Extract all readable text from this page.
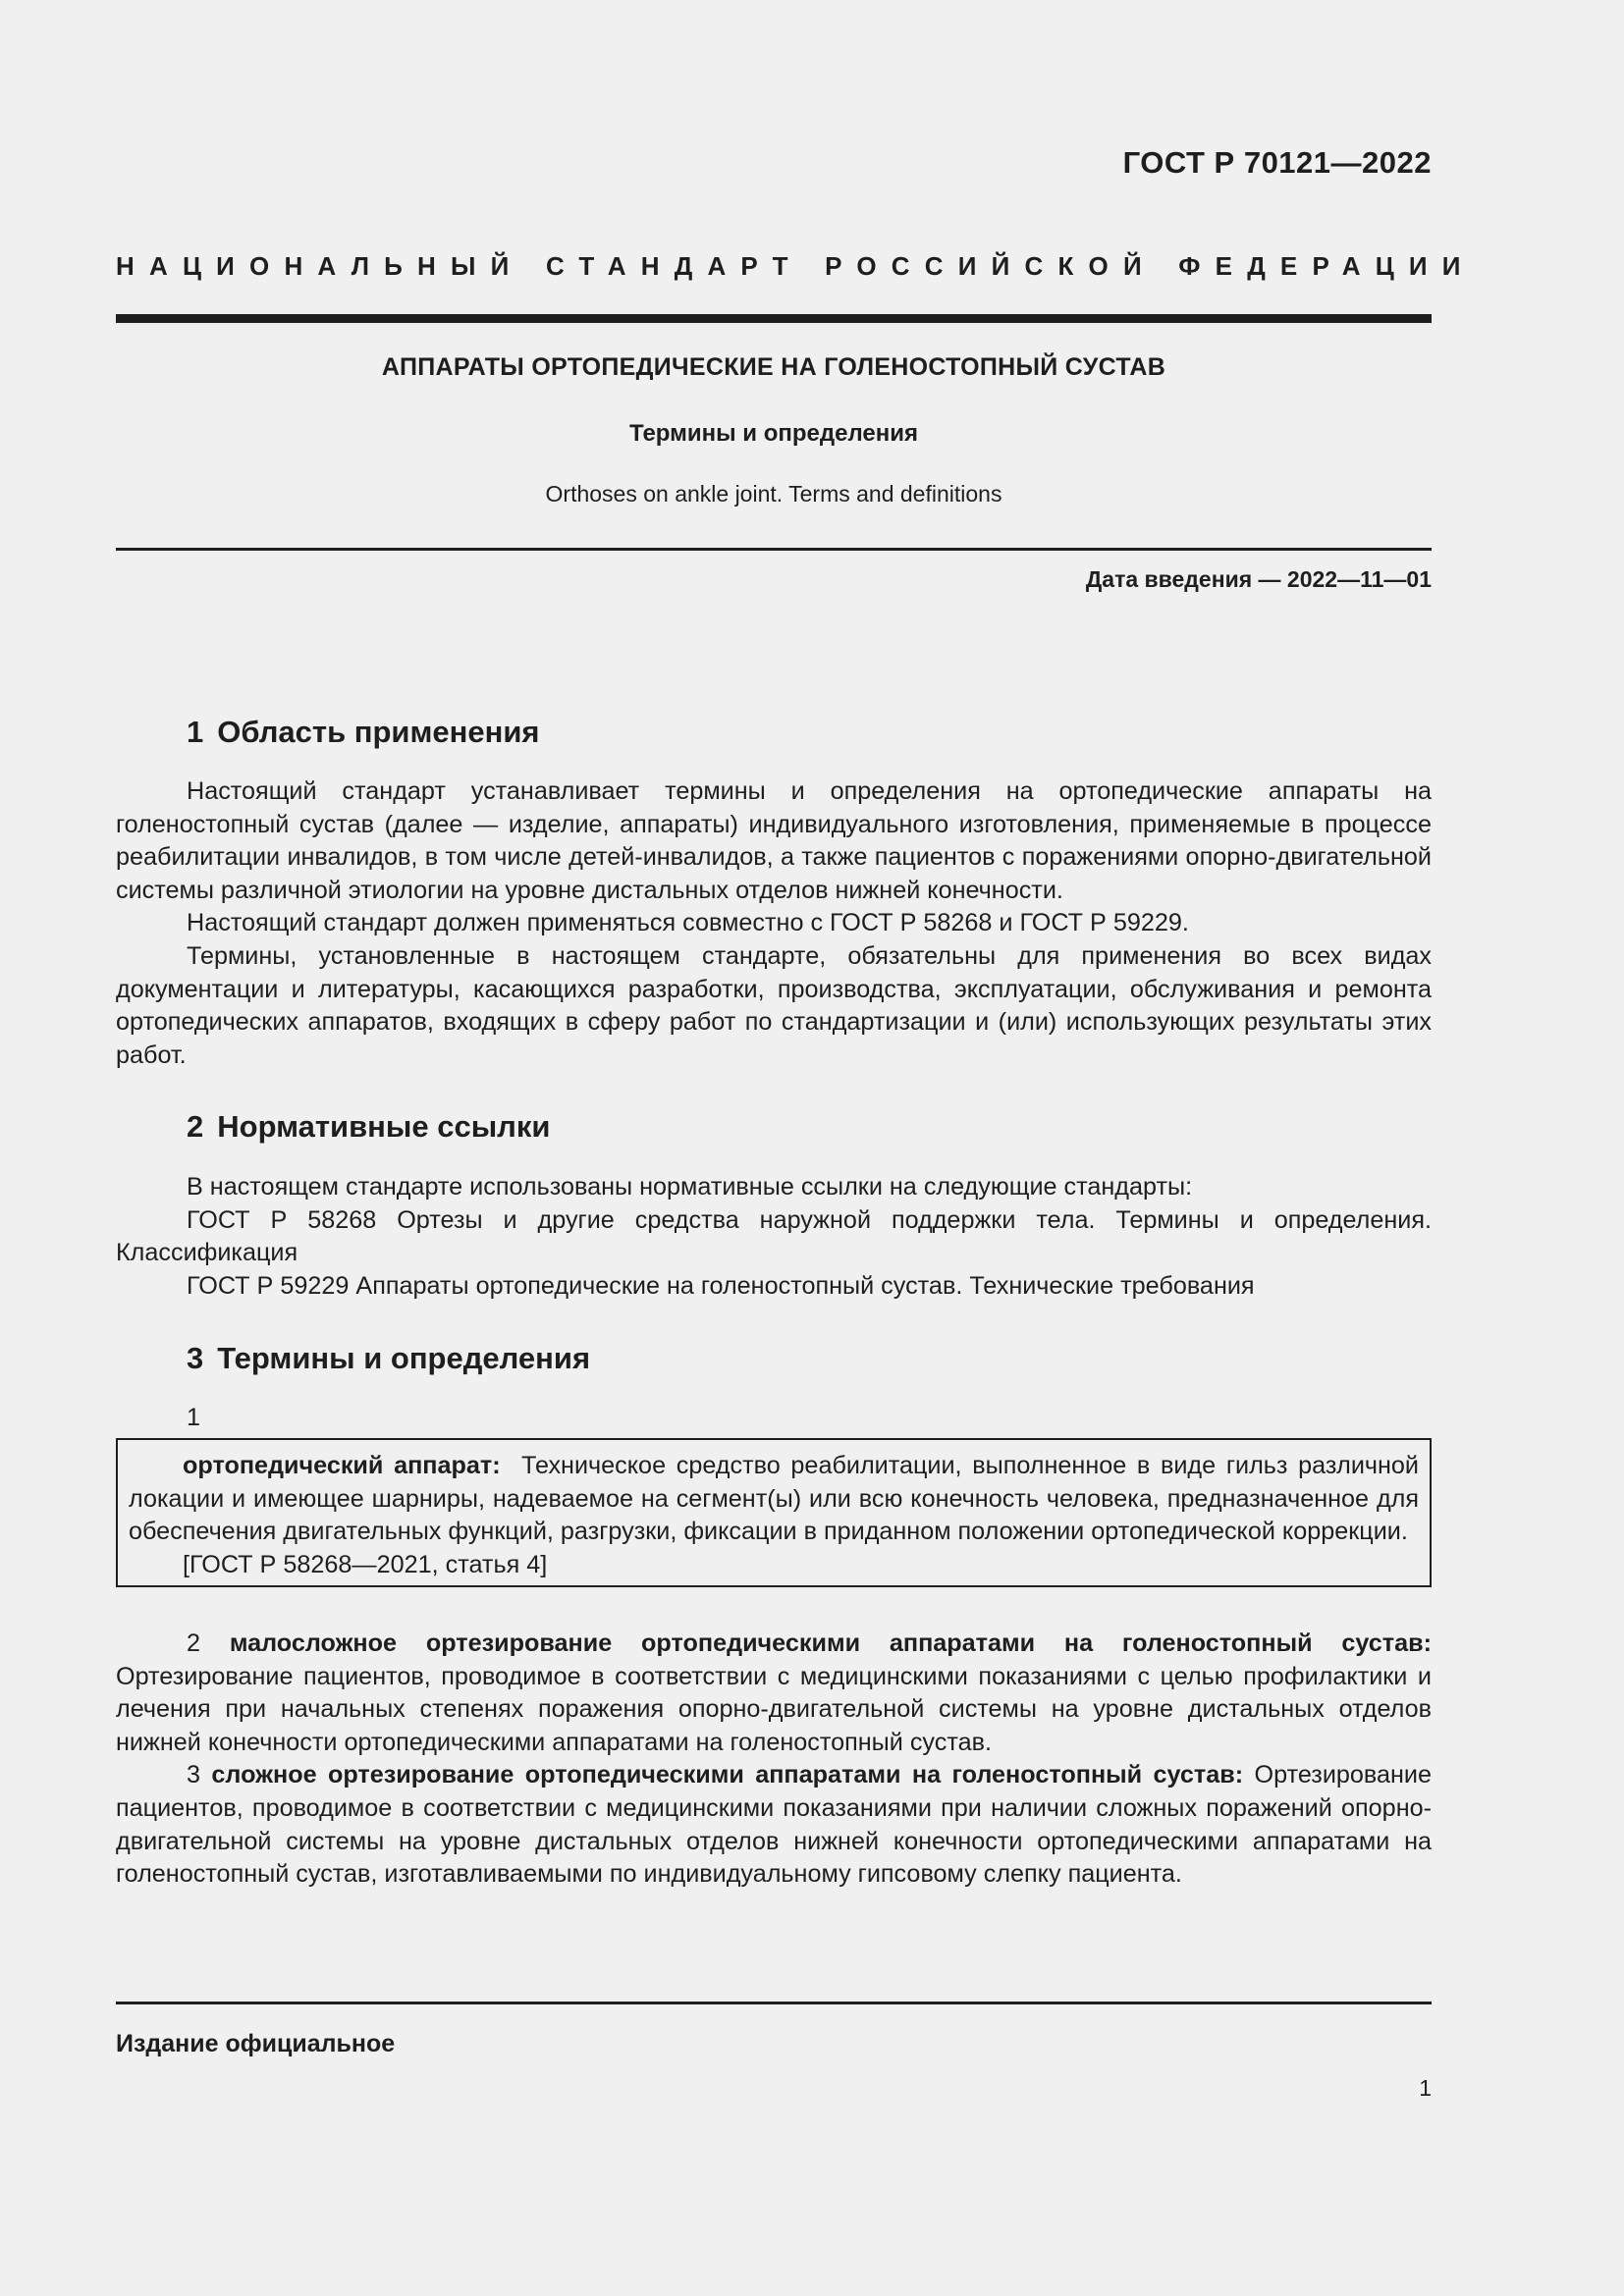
ГОСТ Р 70121—2022
НАЦИОНАЛЬНЫЙ СТАНДАРТ РОССИЙСКОЙ ФЕДЕРАЦИИ
АППАРАТЫ ОРТОПЕДИЧЕСКИЕ НА ГОЛЕНОСТОПНЫЙ СУСТАВ
Термины и определения
Orthoses on ankle joint. Terms and definitions
Дата введения — 2022—11—01
1 Область применения

Настоящий стандарт устанавливает термины и определения на ортопедические аппараты на голеностопный сустав (далее — изделие, аппараты) индивидуального изготовления, применяемые в процессе реабилитации инвалидов, в том числе детей-инвалидов, а также пациентов с поражениями опорно-двигательной системы различной этиологии на уровне дистальных отделов нижней конечности.

Настоящий стандарт должен применяться совместно с ГОСТ Р 58268 и ГОСТ Р 59229.

Термины, установленные в настоящем стандарте, обязательны для применения во всех видах документации и литературы, касающихся разработки, производства, эксплуатации, обслуживания и ремонта ортопедических аппаратов, входящих в сферу работ по стандартизации и (или) использующих результаты этих работ.

2 Нормативные ссылки

В настоящем стандарте использованы нормативные ссылки на следующие стандарты:

ГОСТ Р 58268 Ортезы и другие средства наружной поддержки тела. Термины и определения. Классификация

ГОСТ Р 59229 Аппараты ортопедические на голеностопный сустав. Технические требования

3 Термины и определения
1

ортопедический аппарат: Техническое средство реабилитации, выполненное в виде гильз различной локации и имеющее шарниры, надеваемое на сегмент(ы) или всю конечность человека, предназначенное для обеспечения двигательных функций, разгрузки, фиксации в приданном положении ортопедической коррекции.

[ГОСТ Р 58268—2021, статья 4]

2 малосложное ортезирование ортопедическими аппаратами на голеностопный сустав: Ортезирование пациентов, проводимое в соответствии с медицинскими показаниями с целью профилактики и лечения при начальных степенях поражения опорно-двигательной системы на уровне дистальных отделов нижней конечности ортопедическими аппаратами на голеностопный сустав.

3 сложное ортезирование ортопедическими аппаратами на голеностопный сустав: Ортезирование пациентов, проводимое в соответствии с медицинскими показаниями при наличии сложных поражений опорно-двигательной системы на уровне дистальных отделов нижней конечности ортопедическими аппаратами на голеностопный сустав, изготавливаемыми по индивидуальному гипсовому слепку пациента.

Издание официальное
1
